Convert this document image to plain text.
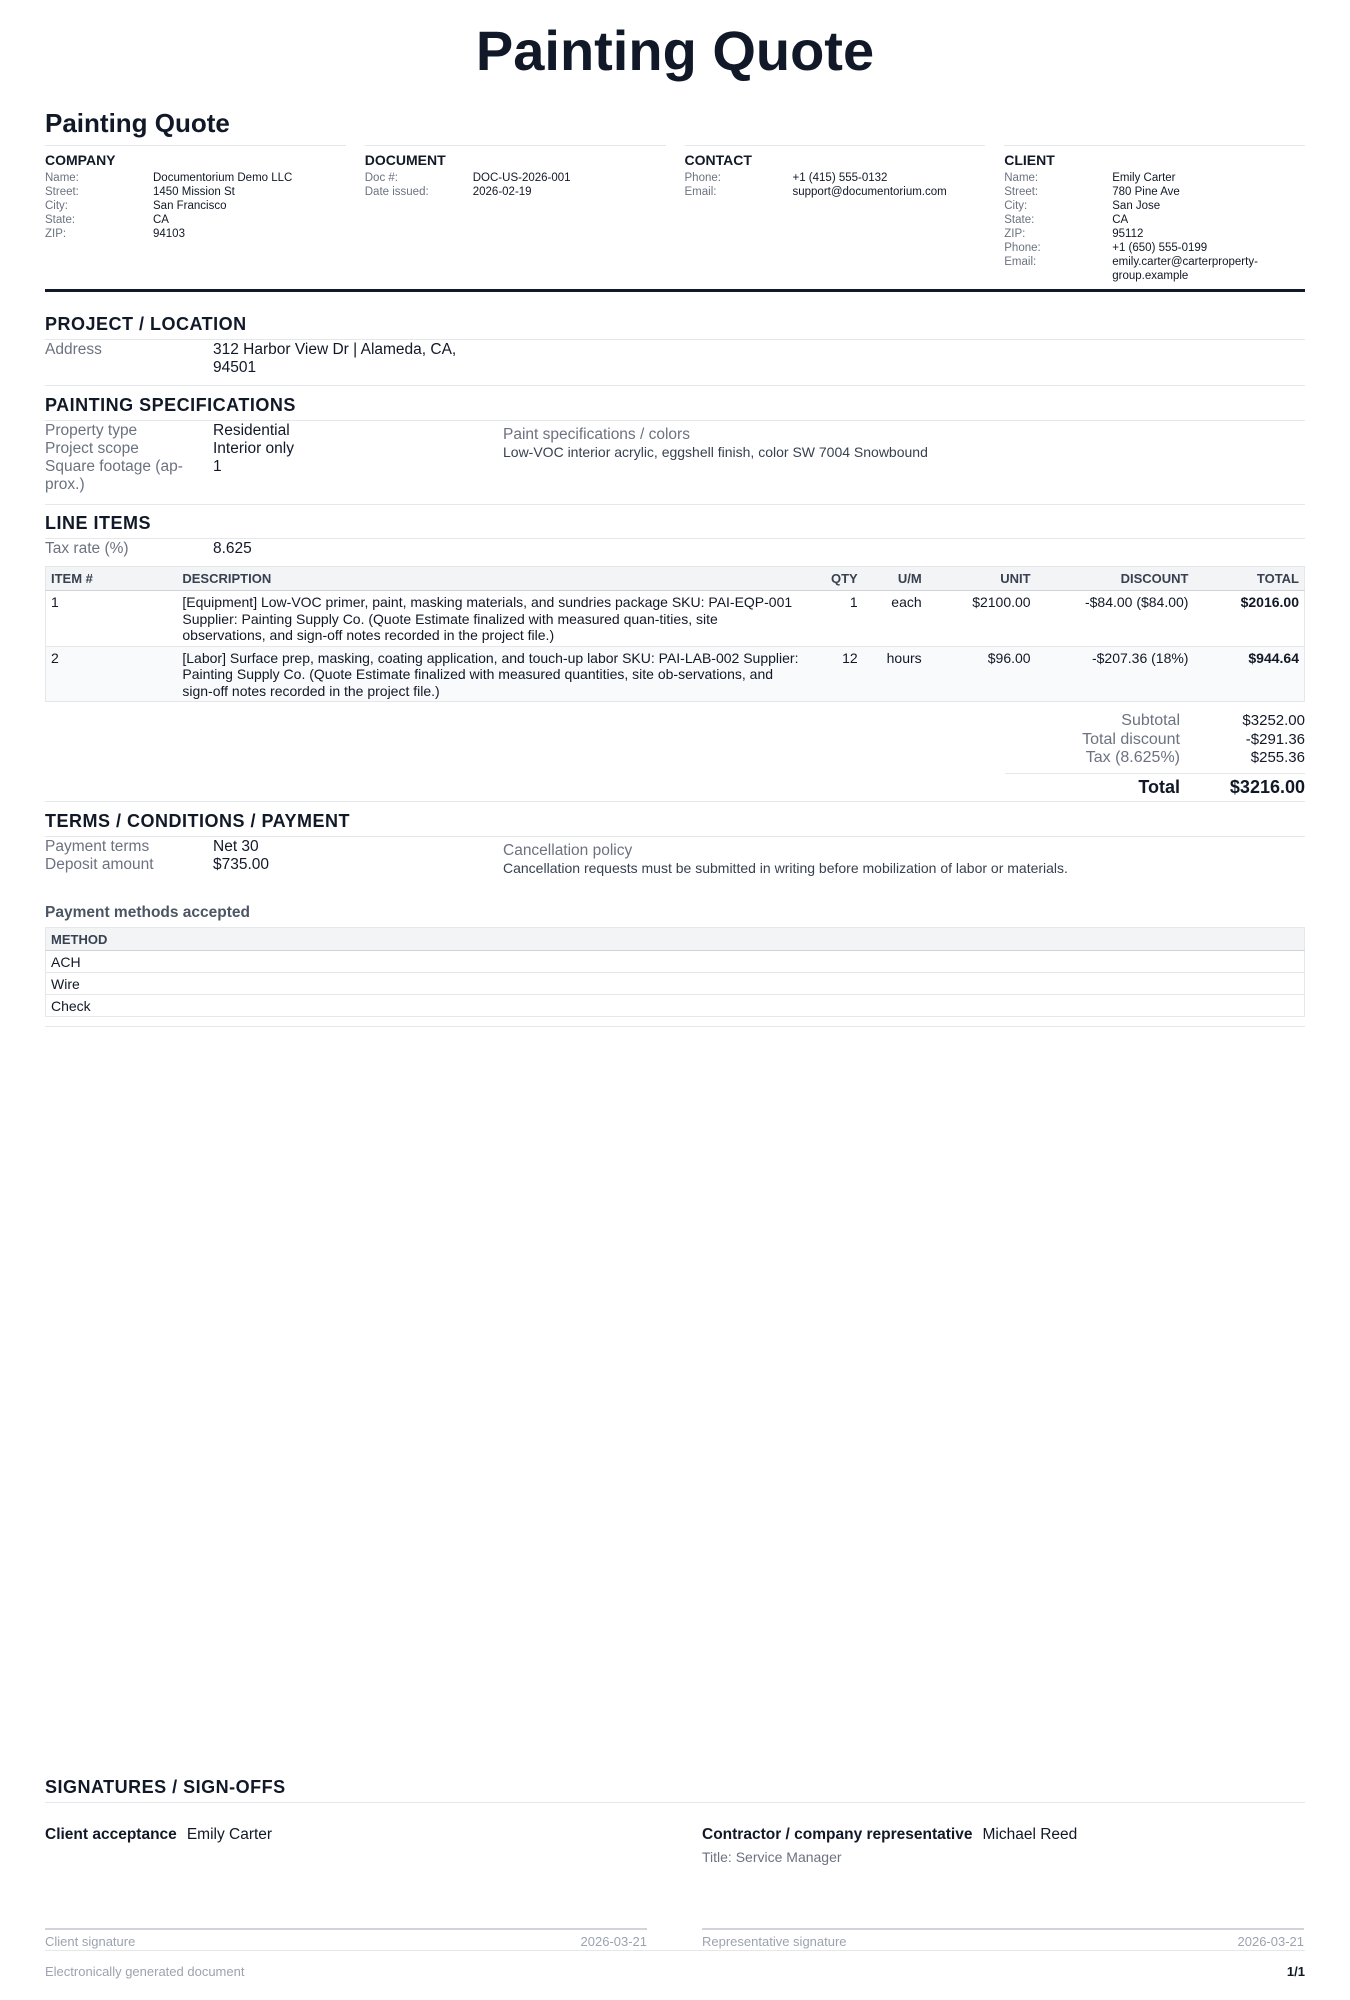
Painting Quote
Painting Quote
COMPANY
Name:	Documentorium Demo LLC
Street:	1450 Mission St
City:	San Francisco
State:	CA
ZIP:	94103
DOCUMENT
Doc #:	DOC-US-2026-001
Date issued:	2026-02-19
CONTACT
Phone:	+1 (415) 555-0132
Email:	support@documentorium.com
CLIENT
Name:	Emily Carter
Street:	780 Pine Ave
City:	San Jose
State:	CA
ZIP:	95112
Phone:	+1 (650) 555-0199
Email:	emily.carter@carterproperty-group.example
PROJECT / LOCATION
Address	312 Harbor View Dr | Alameda, CA, 94501
PAINTING SPECIFICATIONS
Property type	Residential
Project scope	Interior only
Square footage (ap-prox.)
1
Paint specifications / colors
Low-VOC interior acrylic, eggshell finish, color SW 7004 Snowbound
LINE ITEMS
Tax rate (%)	8.625
ITEM #	DESCRIPTION	QTY	U/M	UNIT	DISCOUNT	TOTAL
1	[Equipment] Low-VOC primer, paint, masking materials, and sundries package SKU: PAI-EQP-001 Supplier: Painting Supply Co. (Quote Estimate finalized with measured quan-tities, site observations, and sign-off notes recorded in the project file.)	1	each	$2100.00	-$84.00 ($84.00)	$2016.00
2	[Labor] Surface prep, masking, coating application, and touch-up labor SKU: PAI-LAB-002 Supplier: Painting Supply Co. (Quote Estimate finalized with measured quantities, site ob-servations, and sign-off notes recorded in the project file.)	12	hours	$96.00	-$207.36 (18%)	$944.64
Subtotal	$3252.00
Total discount	-$291.36
Tax (8.625%)	$255.36
Total	$3216.00
TERMS / CONDITIONS / PAYMENT
Payment terms	Net 30
Deposit amount	$735.00
Cancellation policy
Cancellation requests must be submitted in writing before mobilization of labor or materials.
Payment methods accepted
METHOD
ACH
Wire
Check
SIGNATURES / SIGN-OFFS
Client acceptance Emily Carter	Contractor / company representative Michael Reed
Title: Service Manager
Client signature	2026-03-21	Representative signature	2026-03-21
Electronically generated document	1/1
